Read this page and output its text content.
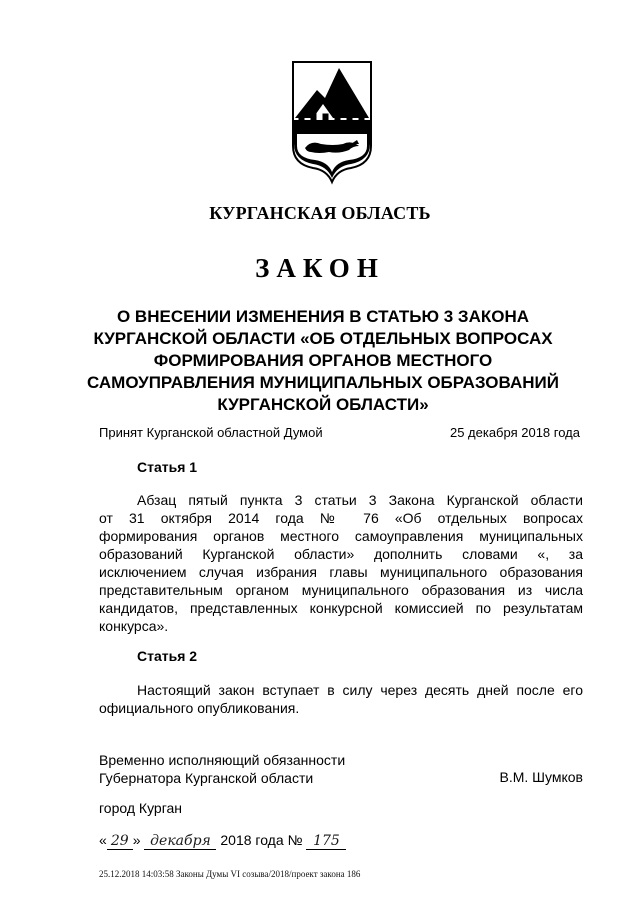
КУРГАНСКАЯ ОБЛАСТЬ
ЗАКОН
О ВНЕСЕНИИ ИЗМЕНЕНИЯ В СТАТЬЮ 3 ЗАКОНА
КУРГАНСКОЙ ОБЛАСТИ «ОБ ОТДЕЛЬНЫХ ВОПРОСАХ
ФОРМИРОВАНИЯ ОРГАНОВ МЕСТНОГО
САМОУПРАВЛЕНИЯ МУНИЦИПАЛЬНЫХ ОБРАЗОВАНИЙ
КУРГАНСКОЙ ОБЛАСТИ»
Принят Курганской областной Думой	25 декабря 2018 года
Статья 1
Абзац пятый пункта 3 статьи 3 Закона Курганской области
от 31 октября 2014 года № 76 «Об отдельных вопросах
формирования органов местного самоуправления муниципальных
образований Курганской области» дополнить словами «, за
исключением случая избрания главы муниципального образования
представительным органом муниципального образования из числа
кандидатов, представленных конкурсной комиссией по результатам
конкурса».
Статья 2
Настоящий закон вступает в силу через десять дней после его
официального опубликования.
Временно исполняющий обязанности
Губернатора Курганской области	В.М. Шумков
город Курган
« 29 » декабря 2018 года № 175
25.12.2018 14:03:58 Законы Думы VI созыва/2018/проект закона 186
